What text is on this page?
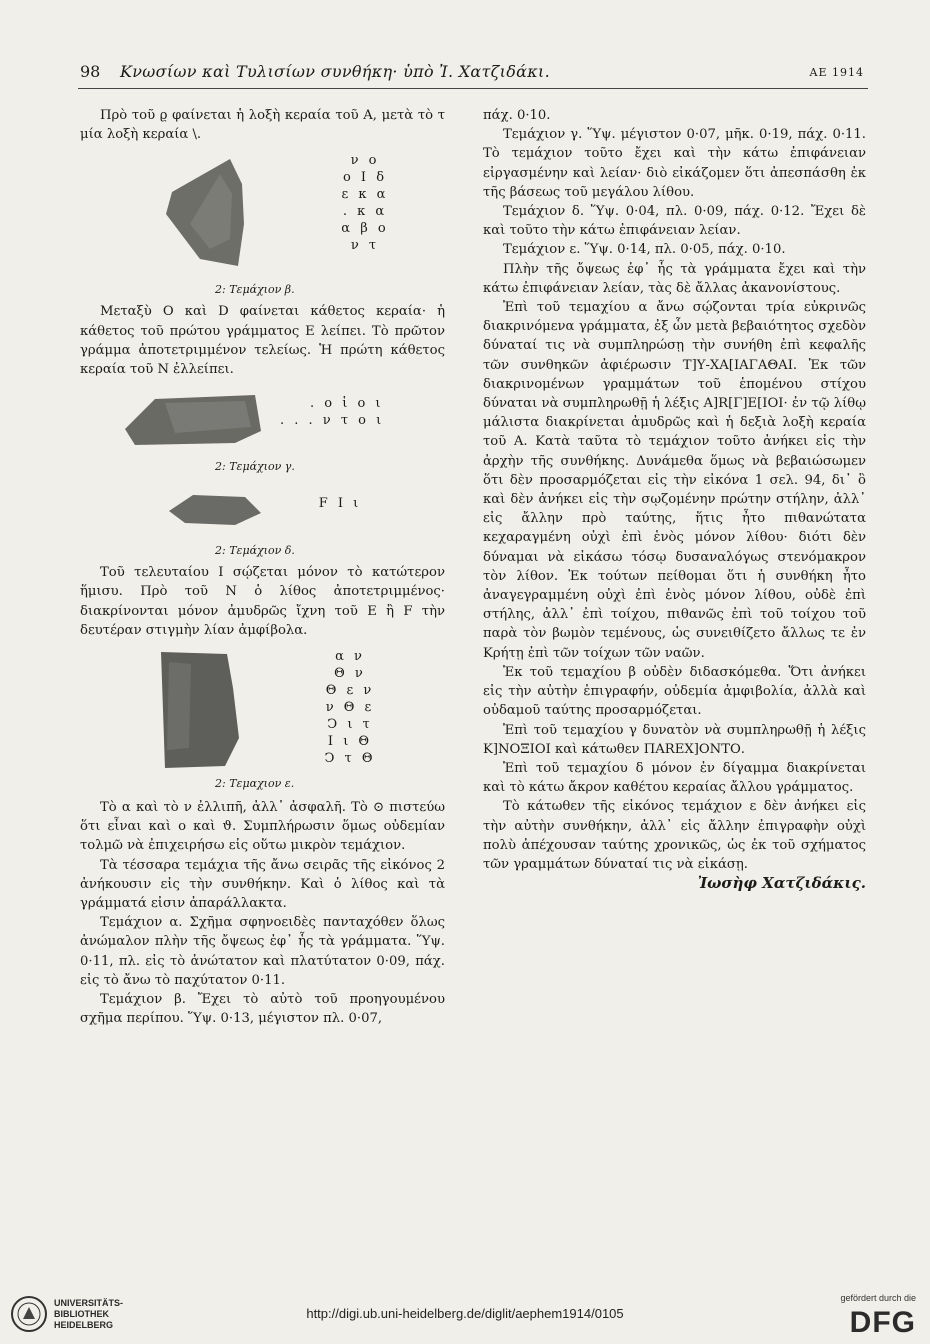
98 Κνωσίων καὶ Τυλισίων συνθήκη· ὑπὸ Ἰ. Χατζιδάκι.	ΑΕ 1914

Πρὸ τοῦ ϱ φαίνεται ἡ λοξὴ κεραία τοῦ Α, μετὰ τὸ τ μία λοξὴ κεραία \.

ν ο
ο Ι δ
ε κ α
. κ α
α β ο
ν τ
2: Τεμάχιον β.

Μεταξὺ Ο καὶ D φαίνεται κάθετος κεραία· ἡ κάθετος τοῦ πρώτου γράμματος Ε λείπει. Τὸ πρῶτον γράμμα ἀποτετριμμένον τελείως. Ἡ πρώτη κάθετος κεραία τοῦ Ν ἐλλείπει.

. ο ἱ ο ι
. . . ν τ ο ι
2: Τεμάχιον γ.
F Ι ι
2: Τεμάχιον δ.

Τοῦ τελευταίου Ι σῴζεται μόνον τὸ κατώτερον ἥμισυ. Πρὸ τοῦ Ν ὁ λίθος ἀποτετριμμένος· διακρίνονται μόνον ἀμυδρῶς ἴχνη τοῦ Ε ἢ F τὴν δευτέραν στιγμὴν λίαν ἀμφίβολα.

α ν
Θ ν
Θ ε ν
ν Θ ε
Ͻ ι τ
Ι ι Θ
Ͻ τ Θ
2: Τεμαχιον ε.

Τὸ α καὶ τὸ ν ἐλλιπῆ, ἀλλ᾽ ἀσφαλῆ. Τὸ ⊙ πιστεύω ὅτι εἶναι καὶ ο καὶ ϑ. Συμπλήρωσιν ὅμως οὐδεμίαν τολμῶ νὰ ἐπιχειρήσω εἰς οὕτω μικρὸν τεμάχιον.

Τὰ τέσσαρα τεμάχια τῆς ἄνω σειρᾶς τῆς εἰκόνος 2 ἀνήκουσιν εἰς τὴν συνθήκην. Καὶ ὁ λίθος καὶ τὰ γράμματά εἰσιν ἀπαράλλακτα.

Τεμάχιον α. Σχῆμα σφηνοειδὲς πανταχόθεν ὅλως ἀνώμαλον πλὴν τῆς ὄψεως ἐφ᾽ ἧς τὰ γράμματα. Ὕψ. 0·11, πλ. εἰς τὸ ἀνώτατον καὶ πλατύτατον 0·09, πάχ. εἰς τὸ ἄνω τὸ παχύτατον 0·11.

Τεμάχιον β. Ἔχει τὸ αὐτὸ τοῦ προηγουμένου σχῆμα περίπου. Ὕψ. 0·13, μέγιστον πλ. 0·07,

πάχ. 0·10.

Τεμάχιον γ. Ὕψ. μέγιστον 0·07, μῆκ. 0·19, πάχ. 0·11. Τὸ τεμάχιον τοῦτο ἔχει καὶ τὴν κάτω ἐπιφάνειαν εἰργασμένην καὶ λείαν· διὸ εἰκάζομεν ὅτι ἀπεσπάσθη ἐκ τῆς βάσεως τοῦ μεγάλου λίθου.

Τεμάχιον δ. Ὕψ. 0·04, πλ. 0·09, πάχ. 0·12. Ἔχει δὲ καὶ τοῦτο τὴν κάτω ἐπιφάνειαν λείαν.

Τεμάχιον ε. Ὕψ. 0·14, πλ. 0·05, πάχ. 0·10.

Πλὴν τῆς ὄψεως ἐφ᾽ ἧς τὰ γράμματα ἔχει καὶ τὴν κάτω ἐπιφάνειαν λείαν, τὰς δὲ ἄλλας ἀκανονίστους.

Ἐπὶ τοῦ τεμαχίου α ἄνω σῴζονται τρία εὐκρινῶς διακρινόμενα γράμματα, ἐξ ὧν μετὰ βεβαιότητος σχεδὸν δύναταί τις νὰ συμπληρώσῃ τὴν συνήθη ἐπὶ κεφαλῆς τῶν συνθηκῶν ἀφιέρωσιν Τ]Υ-ΧΑ[ΙΑΓΑΘΑΙ. Ἐκ τῶν διακρινομένων γραμμάτων τοῦ ἑπομένου στίχου δύναται νὰ συμπληρωθῇ ἡ λέξις Α]R[Γ]Ε[ΙΟΙ· ἐν τῷ λίθῳ μάλιστα διακρίνεται ἀμυδρῶς καὶ ἡ δεξιὰ λοξὴ κεραία τοῦ Α. Κατὰ ταῦτα τὸ τεμάχιον τοῦτο ἀνήκει εἰς τὴν ἀρχὴν τῆς συνθήκης. Δυνάμεθα ὅμως νὰ βεβαιώσωμεν ὅτι δὲν προσαρμόζεται εἰς τὴν εἰκόνα 1 σελ. 94, δι᾽ ὃ καὶ δὲν ἀνήκει εἰς τὴν σῳζομένην πρώτην στήλην, ἀλλ᾽ εἰς ἄλλην πρὸ ταύτης, ἥτις ἦτο πιθανώτατα κεχαραγμένη οὐχὶ ἐπὶ ἑνὸς μόνον λίθου· διότι δὲν δύναμαι νὰ εἰκάσω τόσῳ δυσαναλόγως στενόμακρον τὸν λίθον. Ἐκ τούτων πείθομαι ὅτι ἡ συνθήκη ἦτο ἀναγεγραμμένη οὐχὶ ἐπὶ ἑνὸς μόνον λίθου, οὐδὲ ἐπὶ στήλης, ἀλλ᾽ ἐπὶ τοίχου, πιθανῶς ἐπὶ τοῦ τοίχου τοῦ παρὰ τὸν βωμὸν τεμένους, ὡς συνειθίζετο ἄλλως τε ἐν Κρήτῃ ἐπὶ τῶν τοίχων τῶν ναῶν.

Ἐκ τοῦ τεμαχίου β οὐδὲν διδασκόμεθα. Ὅτι ἀνήκει εἰς τὴν αὐτὴν ἐπιγραφήν, οὐδεμία ἀμφιβολία, ἀλλὰ καὶ οὐδαμοῦ ταύτης προσαρμόζεται.

Ἐπὶ τοῦ τεμαχίου γ δυνατὸν νὰ συμπληρωθῇ ἡ λέξις Κ]ΝΟΞΙΟΙ καὶ κάτωθεν ΠΑRΕΧ]ΟΝΤΟ.

Ἐπὶ τοῦ τεμαχίου δ μόνον ἐν δίγαμμα διακρίνεται καὶ τὸ κάτω ἄκρον καθέτου κεραίας ἄλλου γράμματος.

Τὸ κάτωθεν τῆς εἰκόνος τεμάχιον ε δὲν ἀνήκει εἰς τὴν αὐτὴν συνθήκην, ἀλλ᾽ εἰς ἄλλην ἐπιγραφὴν οὐχὶ πολὺ ἀπέχουσαν ταύτης χρονικῶς, ὡς ἐκ τοῦ σχήματος τῶν γραμμάτων δύναταί τις νὰ εἰκάσῃ.

Ἰωσὴφ Χατζιδάκις.

UNIVERSITÄTS-
BIBLIOTHEK
HEIDELBERG
http://digi.ub.uni-heidelberg.de/diglit/aephem1914/0105
gefördert durch die
DFG
